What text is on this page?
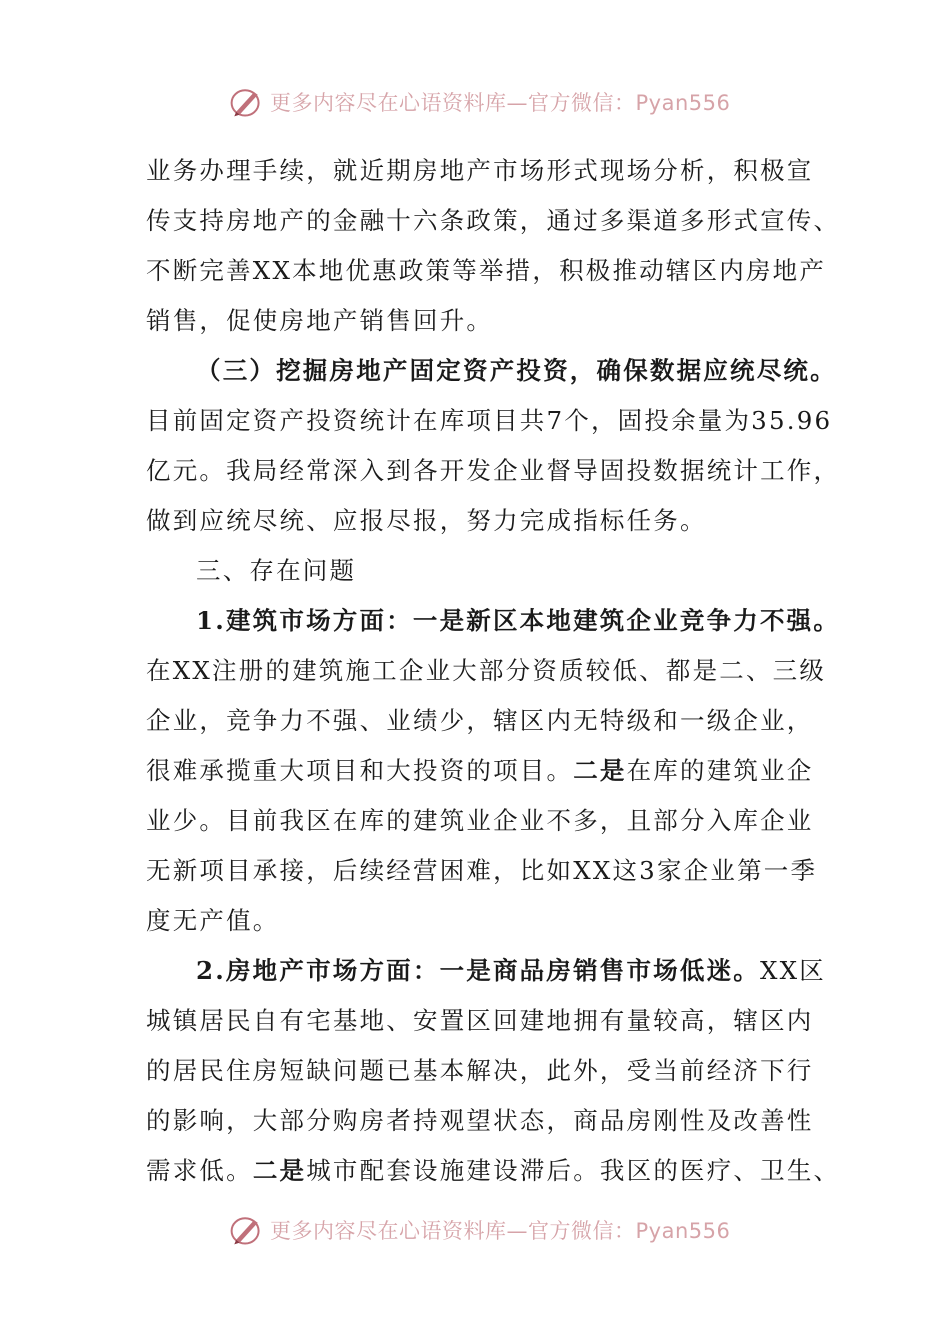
更多内容尽在心语资料库—官方微信：Pyan556
业务办理手续，就近期房地产市场形式现场分析，积极宣
传支持房地产的金融十六条政策，通过多渠道多形式宣传、
不断完善XX本地优惠政策等举措，积极推动辖区内房地产
销售，促使房地产销售回升。
（三）挖掘房地产固定资产投资，确保数据应统尽统。
目前固定资产投资统计在库项目共7个，固投余量为35.96
亿元。我局经常深入到各开发企业督导固投数据统计工作，
做到应统尽统、应报尽报，努力完成指标任务。
三、存在问题
1.建筑市场方面：一是新区本地建筑企业竞争力不强。
在XX注册的建筑施工企业大部分资质较低、都是二、三级
企业，竞争力不强、业绩少，辖区内无特级和一级企业，
很难承揽重大项目和大投资的项目。二是在库的建筑业企
业少。目前我区在库的建筑业企业不多，且部分入库企业
无新项目承接，后续经营困难，比如XX这3家企业第一季
度无产值。
2.房地产市场方面：一是商品房销售市场低迷。XX区
城镇居民自有宅基地、安置区回建地拥有量较高，辖区内
的居民住房短缺问题已基本解决，此外，受当前经济下行
的影响，大部分购房者持观望状态，商品房刚性及改善性
需求低。二是城市配套设施建设滞后。我区的医疗、卫生、
更多内容尽在心语资料库—官方微信：Pyan556
